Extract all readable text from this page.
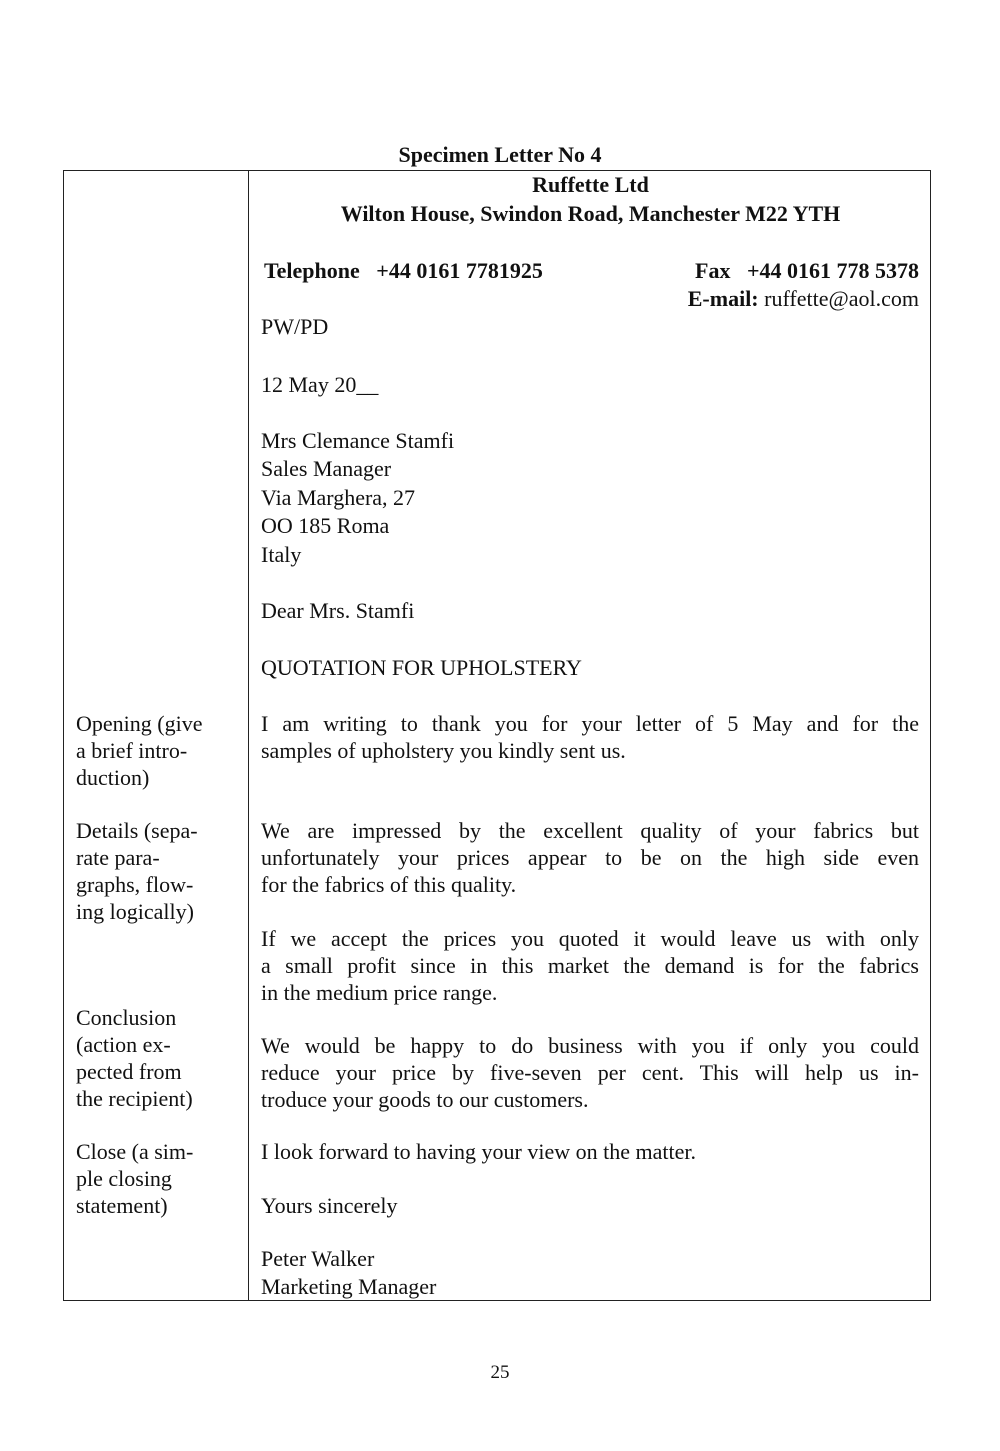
Specimen Letter No 4
Ruffette Ltd
Wilton House, Swindon Road, Manchester M22 YTH
Telephone +44 0161 7781925	Fax +44 0161 778 5378
E-mail: ruffette@aol.com
PW/PD
12 May 20__
Mrs Clemance Stamfi
Sales Manager
Via Marghera, 27
OO 185 Roma
Italy
Dear Mrs. Stamfi
QUOTATION FOR UPHOLSTERY
Opening (give
a brief intro-
duction)
Details (sepa-
rate para-
graphs, flow-
ing logically)
Conclusion
(action ex-
pected from
the recipient)
Close (a sim-
ple closing
statement)
I am writing to thank you for your letter of 5 May and for the
samples of upholstery you kindly sent us.
We are impressed by the excellent quality of your fabrics but
unfortunately your prices appear to be on the high side even
for the fabrics of this quality.
If we accept the prices you quoted it would leave us with only
a small profit since in this market the demand is for the fabrics
in the medium price range.
We would be happy to do business with you if only you could
reduce your price by five-seven per cent. This will help us in-
troduce your goods to our customers.
I look forward to having your view on the matter.
Yours sincerely
Peter Walker
Marketing Manager
25
